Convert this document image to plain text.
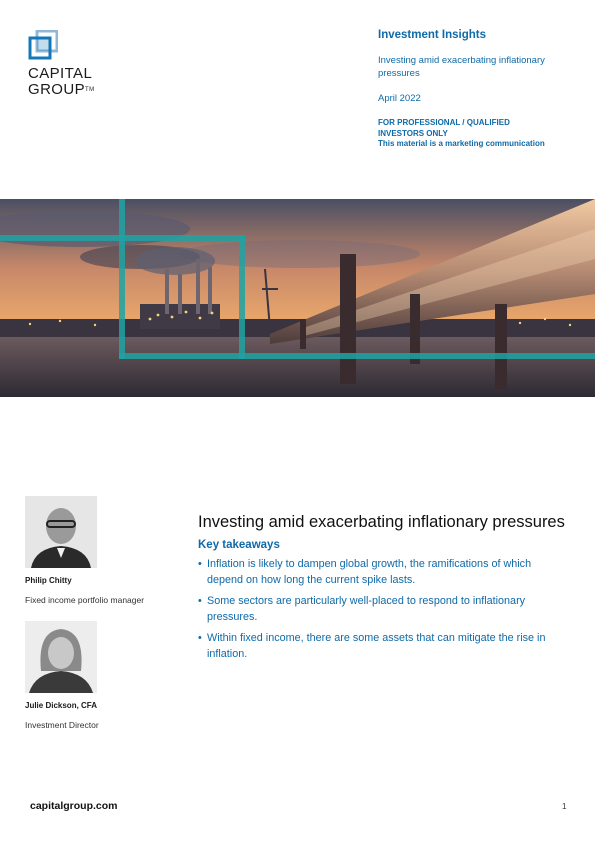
CAPITAL
GROUP™
Investment Insights
Investing amid exacerbating inflationary pressures
April 2022
FOR PROFESSIONAL / QUALIFIED
INVESTORS ONLY
This material is a marketing communication
Philip Chitty
Fixed income portfolio manager
Julie Dickson, CFA
Investment Director
Investing amid exacerbating inflationary pressures
Key takeaways
• Inflation is likely to dampen global growth, the ramifications of which depend on how long the current spike lasts.
• Some sectors are particularly well-placed to respond to inflationary pressures.
• Within fixed income, there are some assets that can mitigate the rise in inflation.
capitalgroup.com	1
